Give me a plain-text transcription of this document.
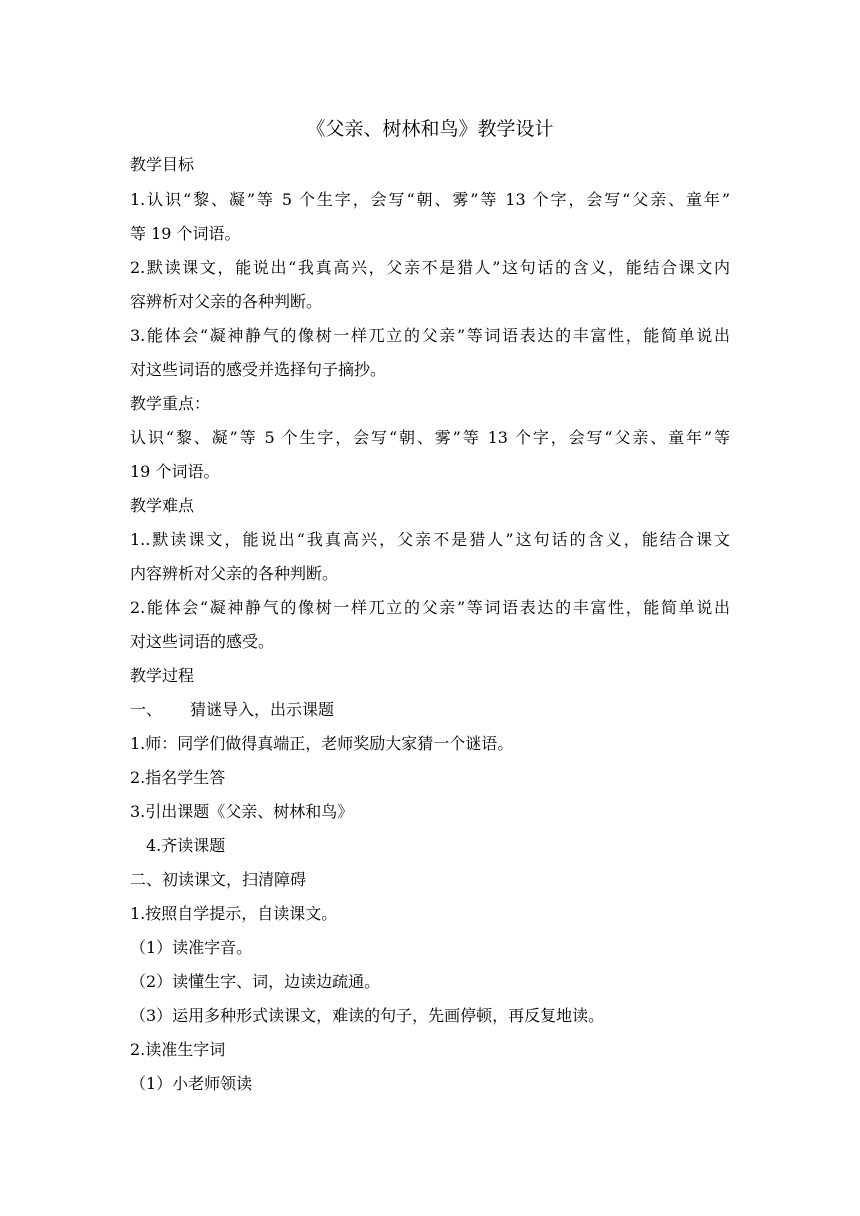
《父亲、树林和鸟》教学设计
教学目标
1.认识“黎、凝”等 5 个生字，会写“朝、雾”等 13 个字，会写“父亲、童年”
等 19 个词语。
2.默读课文，能说出“我真高兴，父亲不是猎人”这句话的含义，能结合课文内
容辨析对父亲的各种判断。
3.能体会“凝神静气的像树一样兀立的父亲”等词语表达的丰富性，能简单说出
对这些词语的感受并选择句子摘抄。
教学重点：
认识“黎、凝”等 5 个生字，会写“朝、雾”等 13 个字，会写“父亲、童年”等
19 个词语。
教学难点
1..默读课文，能说出“我真高兴，父亲不是猎人”这句话的含义，能结合课文
内容辨析对父亲的各种判断。
2.能体会“凝神静气的像树一样兀立的父亲”等词语表达的丰富性，能简单说出
对这些词语的感受。
教学过程
一、 猜谜导入，出示课题
1.师：同学们做得真端正，老师奖励大家猜一个谜语。
2.指名学生答
3.引出课题《父亲、树林和鸟》
4.齐读课题
二、初读课文，扫清障碍
1.按照自学提示，自读课文。
（1）读准字音。
（2）读懂生字、词，边读边疏通。
（3）运用多种形式读课文，难读的句子，先画停顿，再反复地读。
2.读准生字词
（1）小老师领读
